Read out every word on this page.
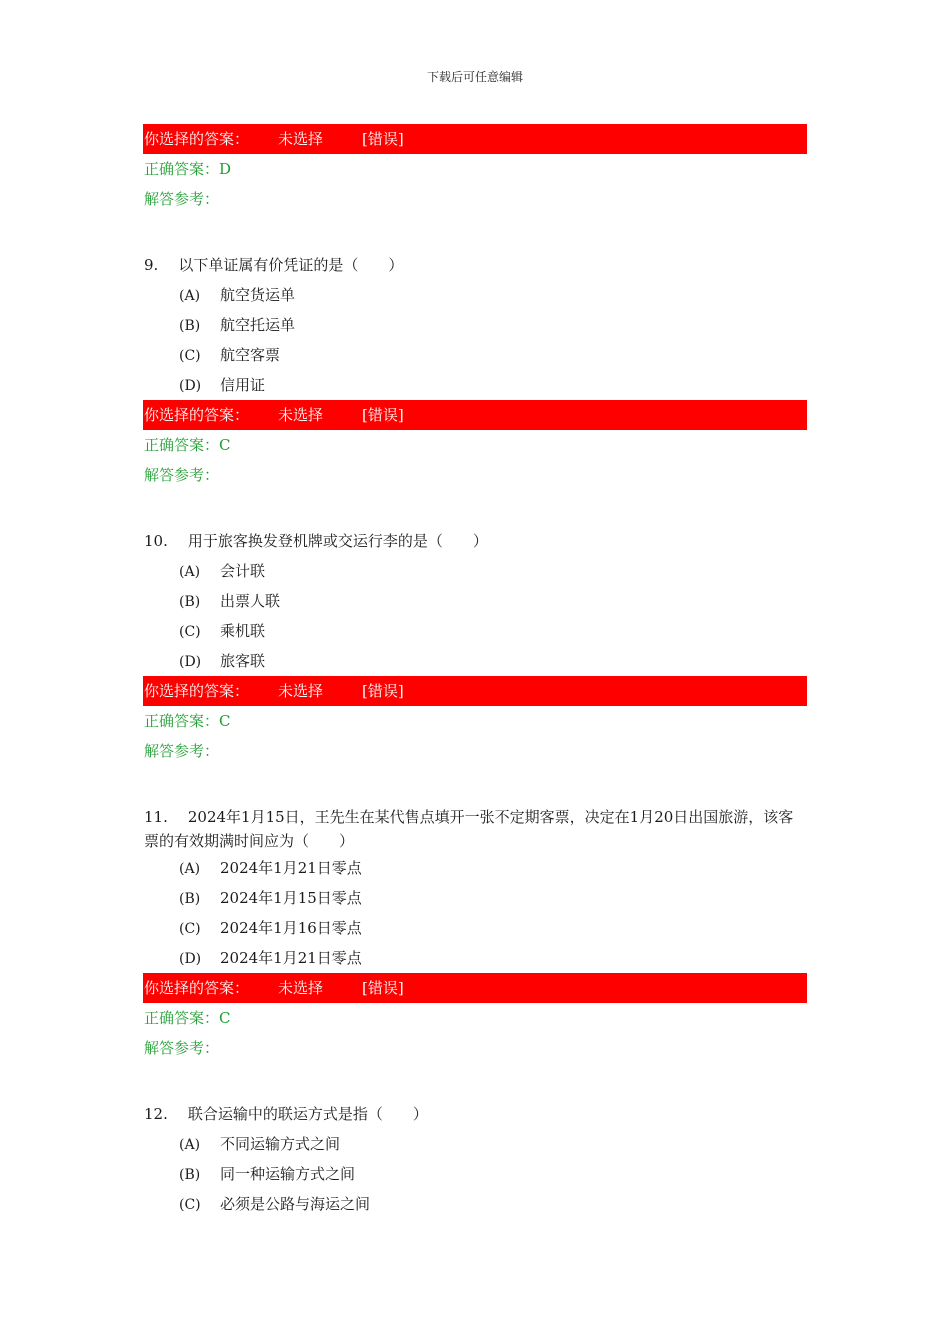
下载后可任意编辑
你选择的答案： 未选择	[错误]
正确答案：D
解答参考：
9. 以下单证属有价凭证的是（　　）
(A) 航空货运单
(B) 航空托运单
(C) 航空客票
(D) 信用证
你选择的答案： 未选择	[错误]
正确答案：C
解答参考：
10. 用于旅客换发登机牌或交运行李的是（　　）
(A) 会计联
(B) 出票人联
(C) 乘机联
(D) 旅客联
你选择的答案： 未选择	[错误]
正确答案：C
解答参考：
11. 2024年1月15日，王先生在某代售点填开一张不定期客票，决定在1月20日出国旅游，该客票的有效期满时间应为（　　）
(A) 2024年1月21日零点
(B) 2024年1月15日零点
(C) 2024年1月16日零点
(D) 2024年1月21日零点
你选择的答案： 未选择	[错误]
正确答案：C
解答参考：
12. 联合运输中的联运方式是指（　　）
(A) 不同运输方式之间
(B) 同一种运输方式之间
(C) 必须是公路与海运之间
